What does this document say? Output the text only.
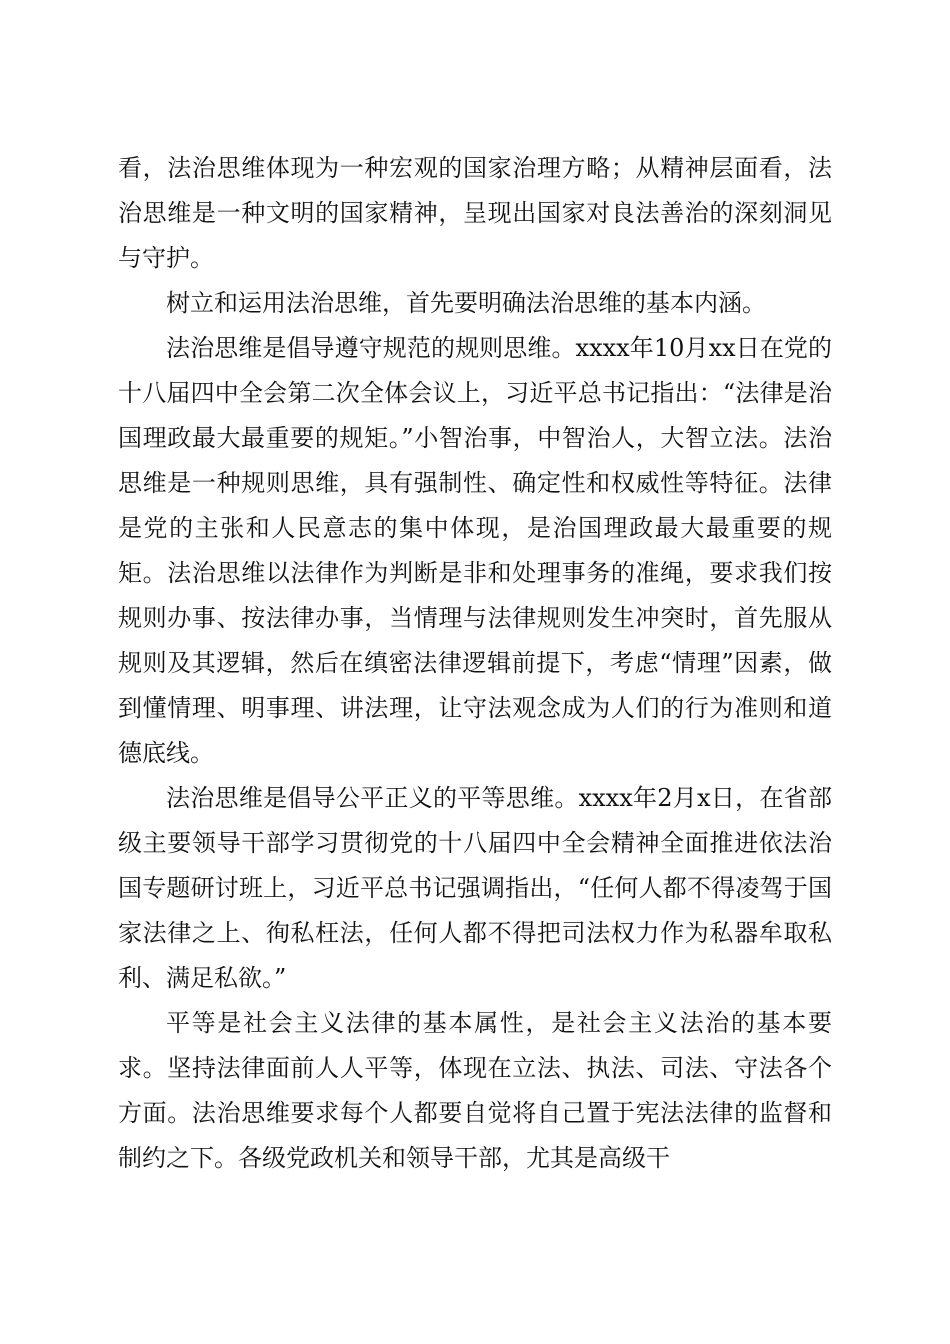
看，法治思维体现为一种宏观的国家治理方略；从精神层面看，法治思维是一种文明的国家精神，呈现出国家对良法善治的深刻洞见与守护。

树立和运用法治思维，首先要明确法治思维的基本内涵。

法治思维是倡导遵守规范的规则思维。xxxx年10月xx日在党的十八届四中全会第二次全体会议上，习近平总书记指出：“法律是治国理政最大最重要的规矩。”小智治事，中智治人，大智立法。法治思维是一种规则思维，具有强制性、确定性和权威性等特征。法律是党的主张和人民意志的集中体现，是治国理政最大最重要的规矩。法治思维以法律作为判断是非和处理事务的准绳，要求我们按规则办事、按法律办事，当情理与法律规则发生冲突时，首先服从规则及其逻辑，然后在缜密法律逻辑前提下，考虑“情理”因素，做到懂情理、明事理、讲法理，让守法观念成为人们的行为准则和道德底线。

法治思维是倡导公平正义的平等思维。xxxx年2月x日，在省部级主要领导干部学习贯彻党的十八届四中全会精神全面推进依法治国专题研讨班上，习近平总书记强调指出，“任何人都不得凌驾于国家法律之上、徇私枉法，任何人都不得把司法权力作为私器牟取私利、满足私欲。”

平等是社会主义法律的基本属性，是社会主义法治的基本要求。坚持法律面前人人平等，体现在立法、执法、司法、守法各个方面。法治思维要求每个人都要自觉将自己置于宪法法律的监督和制约之下。各级党政机关和领导干部，尤其是高级干
